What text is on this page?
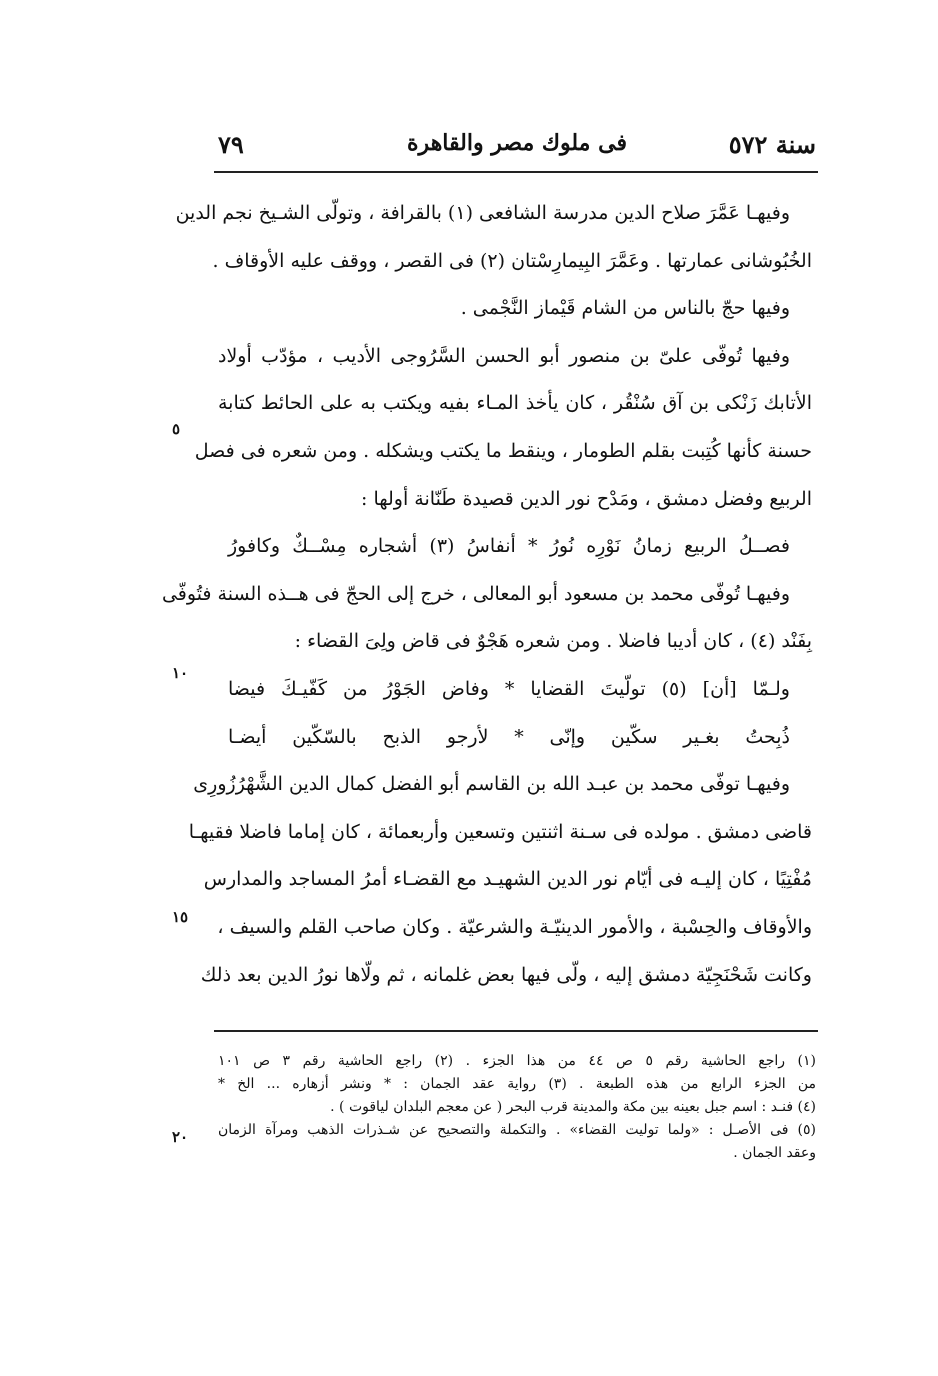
٧٩	فى ملوك مصر والقاهرة	سنة ٥٧٢
وفيهـا عَمَّرَ صلاح الدين مدرسة الشافعى (١) بالقرافة ، وتولّى الشـيخ نجم الدين
الخُبُوشانى عمارتها . وعَمَّرَ البِيمارِسْتان (٢) فى القصر ، ووقف عليه الأوقاف .
وفيها حجّ بالناس من الشام قَيْماز النَّجْمى .
وفيها تُوفّى علىّ بن منصور أبو الحسن السَّرُوجى الأديب ، مؤدّب أولاد
الأتابك زَنْكى بن آق سُنْقُر ، كان يأخذ المـاء بفيه ويكتب به على الحائط كتابة
حسنة كأنها كُتِبت بقلم الطومار ، وينقط ما يكتب ويشكله . ومن شعره فى فصل
الربيع وفضل دمشق ، ومَدْح نور الدين قصيدة طَنّانة أولها :
فصــلُ الربيع زمانُ نَوْرِه نُورُ * أنفاسُ (٣) أشجاره مِسْــكٌ وكافورُ
وفيهـا تُوفّى محمد بن مسعود أبو المعالى ، خرج إلى الحجّ فى هــذه السنة فتُوفّى
بِفَنْد (٤) ، كان أديبا فاضلا . ومن شعره هَجْوٌ فى قاض ولِىَ القضاء :
ولـمّا [أن] (٥) تولّيتَ القضايا * وفاض الجَوْرُ من كَفّيـكَ فيضا
ذُبِحتُ بغـير سكّين وإنّى * لأرجو الذبح بالسّكّين أيضـا
وفيهـا توفّى محمد بن عبـد الله بن القاسم أبو الفضل كمال الدين الشَّهْرُزُورِى
قاضى دمشق . مولده فى سـنة اثنتين وتسعين وأربعمائة ، كان إماما فاضلا فقيهـا
مُفْتِيًا ، كان إليـه فى أيّام نور الدين الشهيـد مع القضـاء أمرُ المساجد والمدارس
والأوقاف والحِسْبة ، والأمور الدينيّـة والشرعيّة . وكان صاحب القلم والسيف ،
وكانت شَحْنَجِيّة دمشق إليه ، ولّى فيها بعض غلمانه ، ثم ولّاها نورُ الدين بعد ذلك
٥
١٠
١٥
٢٠
(١) راجع الحاشية رقم ٥ ص ٤٤ من هذا الجزء . (٢) راجع الحاشية رقم ٣ ص ١٠١
من الجزء الرابع من هذه الطبعة . (٣) رواية عقد الجمان : * ونشر أزهاره ... الخ *
(٤) فنـد : اسم جبل بعينه بين مكة والمدينة قرب البحر ( عن معجم البلدان لياقوت ) .
(٥) فى الأصـل : «ولما توليت القضاء» . والتكملة والتصحيح عن شـذرات الذهب ومرآة الزمان
وعقد الجمان .
